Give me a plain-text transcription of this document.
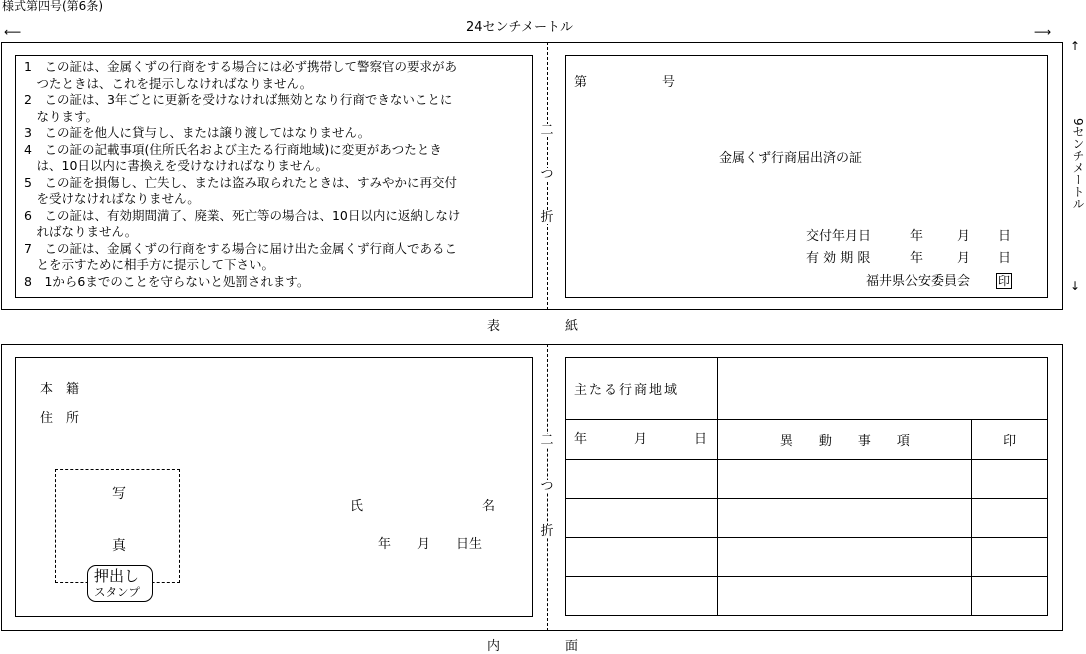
様式第四号(第6条)
⟵	24センチメートル	⟶
↑
9センチメートル
↓
1　この証は、金属くずの行商をする場合には必ず携帯して警察官の要求があ
　つたときは、これを提示しなければなりません。
2　この証は、3年ごとに更新を受けなければ無効となり行商できないことに
　なります。
3　この証を他人に貸与し、または譲り渡してはなりません。
4　この証の記載事項(住所氏名および主たる行商地域)に変更があつたとき
　は、10日以内に書換えを受けなければなりません。
5　この証を損傷し、亡失し、または盗み取られたときは、すみやかに再交付
　を受けなければなりません。
6　この証は、有効期間満了、廃業、死亡等の場合は、10日以内に返納しなけ
　ればなりません。
7　この証は、金属くずの行商をする場合に届け出た金属くず行商人であるこ
　とを示すために相手方に提示して下さい。
8　1から6までのことを守らないと処罰されます。
二
つ
折
第	号
金属くず行商届出済の証
交付年月日	年	月 日
有 効 期 限	年	月 日
福井県公安委員会 印
表　　　　　紙
本　籍
住　所
写
真
押出し
スタンプ
氏	名
年　　月　　日生
二
つ
折
主たる行商地域		

年 月 日	異　　動　　事　　項	印

内　　　　　面
